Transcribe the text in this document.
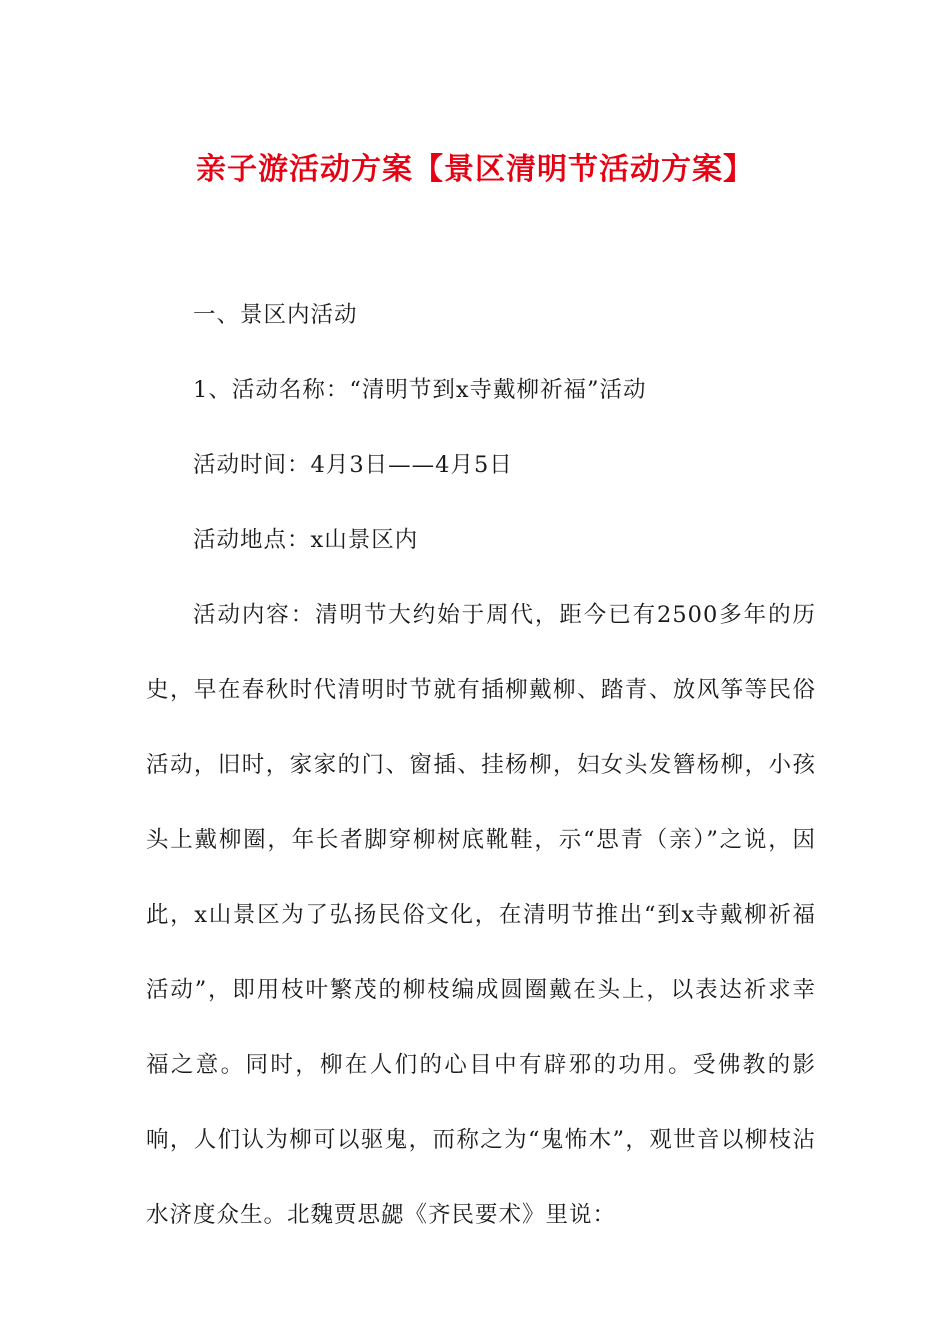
亲子游活动方案【景区清明节活动方案】

一、景区内活动

1、活动名称：“清明节到x寺戴柳祈福”活动

活动时间：4月3日——4月5日

活动地点：x山景区内

活动内容：清明节大约始于周代，距今已有2500多年的历史，早在春秋时代清明时节就有插柳戴柳、踏青、放风筝等民俗活动，旧时，家家的门、窗插、挂杨柳，妇女头发簪杨柳，小孩头上戴柳圈，年长者脚穿柳树底靴鞋，示“思青（亲）”之说，因此，x山景区为了弘扬民俗文化，在清明节推出“到x寺戴柳祈福活动”，即用枝叶繁茂的柳枝编成圆圈戴在头上，以表达祈求幸福之意。同时，柳在人们的心目中有辟邪的功用。受佛教的影响，人们认为柳可以驱鬼，而称之为“鬼怖木”，观世音以柳枝沾水济度众生。北魏贾思勰《齐民要术》里说：
